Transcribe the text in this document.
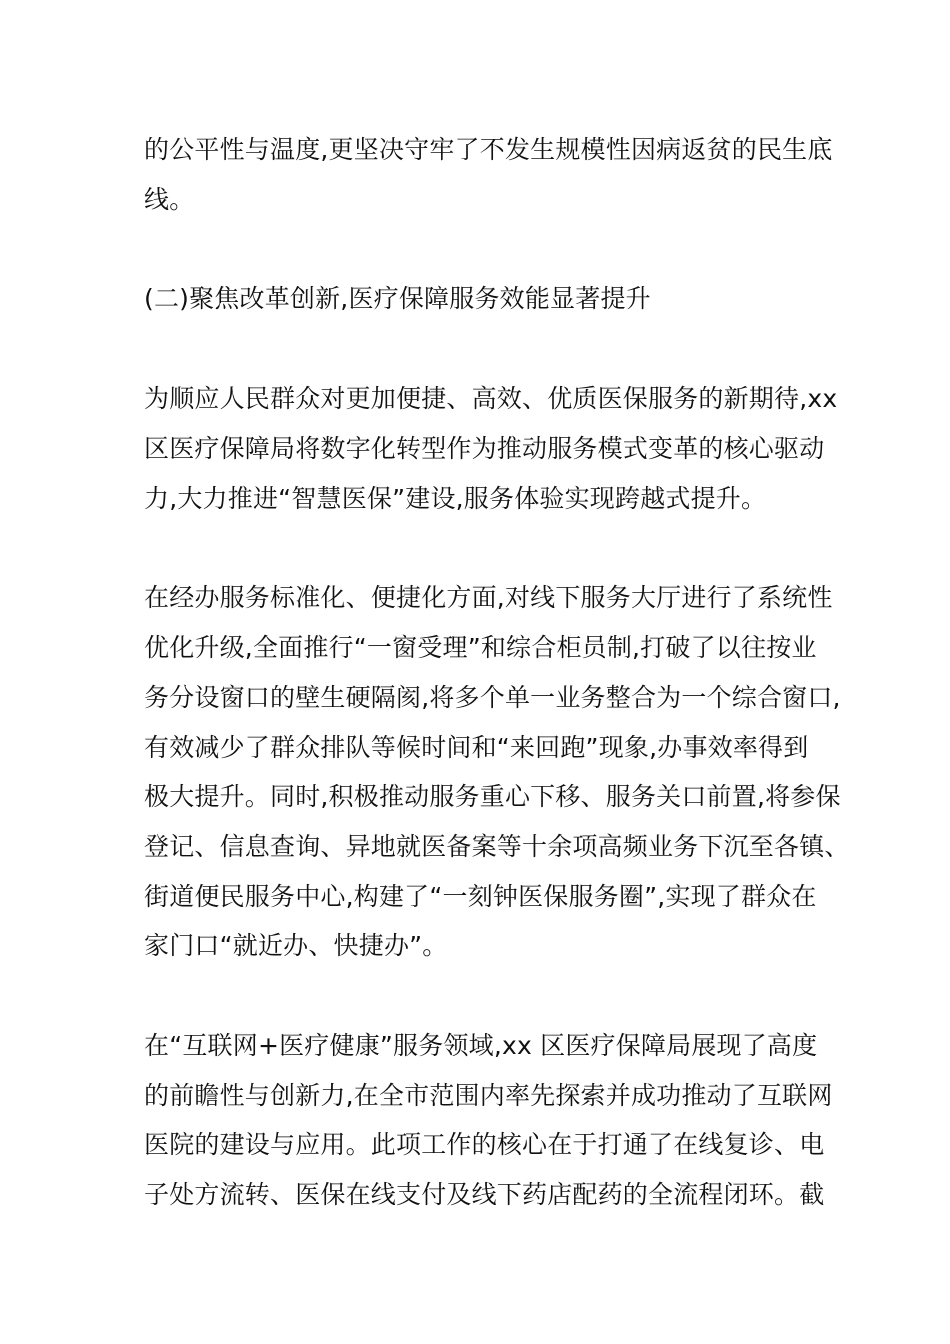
的公平性与温度,更坚决守牢了不发生规模性因病返贫的民生底
线。
(二)聚焦改革创新,医疗保障服务效能显著提升
为顺应人民群众对更加便捷、高效、优质医保服务的新期待,xx
区医疗保障局将数字化转型作为推动服务模式变革的核心驱动
力,大力推进“智慧医保”建设,服务体验实现跨越式提升。
在经办服务标准化、便捷化方面,对线下服务大厅进行了系统性
优化升级,全面推行“一窗受理”和综合柜员制,打破了以往按业
务分设窗口的壁生硬隔阂,将多个单一业务整合为一个综合窗口,
有效减少了群众排队等候时间和“来回跑”现象,办事效率得到
极大提升。同时,积极推动服务重心下移、服务关口前置,将参保
登记、信息查询、异地就医备案等十余项高频业务下沉至各镇、
街道便民服务中心,构建了“一刻钟医保服务圈”,实现了群众在
家门口“就近办、快捷办”。
在“互联网+医疗健康”服务领域,xx 区医疗保障局展现了高度
的前瞻性与创新力,在全市范围内率先探索并成功推动了互联网
医院的建设与应用。此项工作的核心在于打通了在线复诊、电
子处方流转、医保在线支付及线下药店配药的全流程闭环。截
